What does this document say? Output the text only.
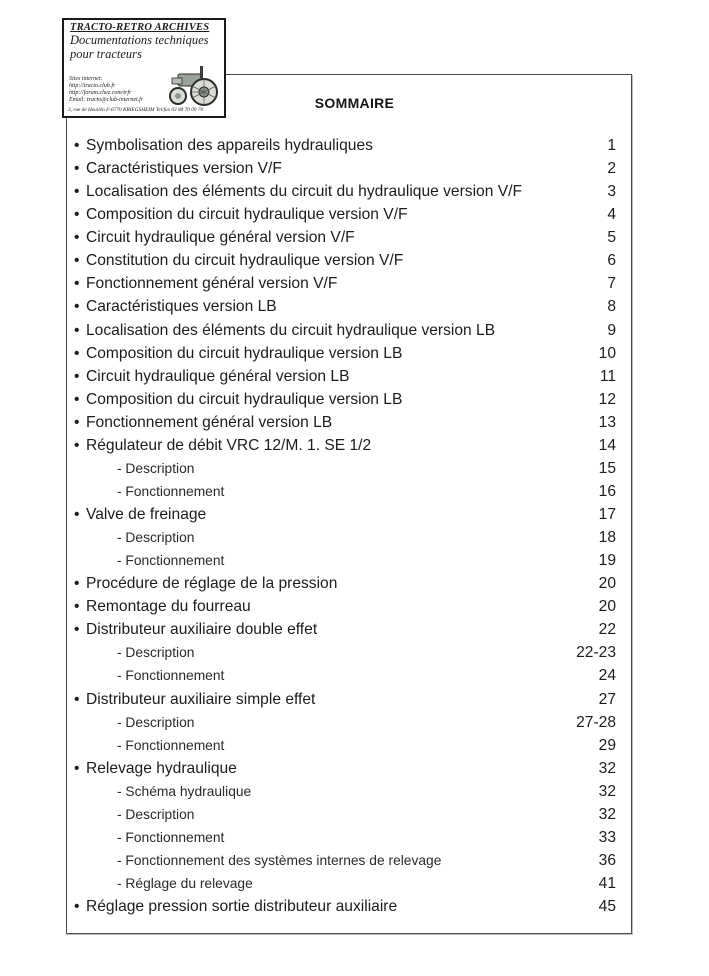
TRACTO-RETRO ARCHIVES
Documentations techniques
pour tracteurs
Sites internet:
http://tracto.club.fr
http://forum.chez.com/trfr
Email: tracto@club-internet.fr
3, rue de Heuilén F-6770 KRIEGSHEIM Tel/fax 03 88 70 00 70	SOMMAIRE
• Symbolisation des appareils hydrauliques	1
• Caractéristiques version V/F	2
• Localisation des éléments du circuit du hydraulique version V/F	3
• Composition du circuit hydraulique version V/F	4
• Circuit hydraulique général version V/F	5
• Constitution du circuit hydraulique version V/F	6
• Fonctionnement général version V/F	7
• Caractéristiques version LB	8
• Localisation des éléments du circuit hydraulique version LB	9
• Composition du circuit hydraulique version LB	10
• Circuit hydraulique général version LB	11
• Composition du circuit hydraulique version LB	12
• Fonctionnement général version LB	13
• Régulateur de débit VRC 12/M. 1. SE 1/2	14
- Description	15
- Fonctionnement	16
• Valve de freinage	17
- Description	18
- Fonctionnement	19
• Procédure de réglage de la pression	20
• Remontage du fourreau	20
• Distributeur auxiliaire double effet	22
- Description	22-23
- Fonctionnement	24
• Distributeur auxiliaire simple effet	27
- Description	27-28
- Fonctionnement	29
• Relevage hydraulique	32
- Schéma hydraulique	32
- Description	32
- Fonctionnement	33
- Fonctionnement des systèmes internes de relevage	36
- Réglage du relevage	41
• Réglage pression sortie distributeur auxiliaire	45
